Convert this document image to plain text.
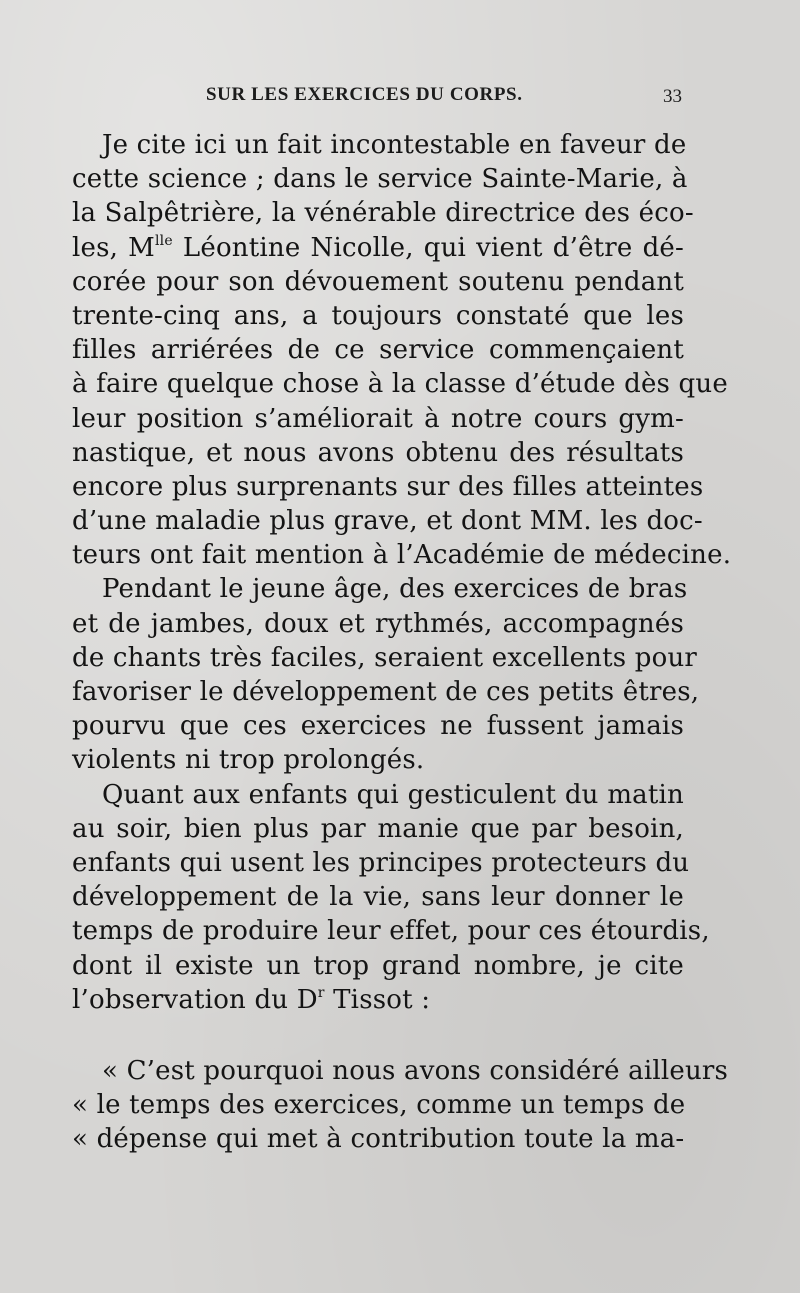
SUR LES EXERCICES DU CORPS.	33
Je cite ici un fait incontestable en faveur de
cette science ; dans le service Sainte-Marie, à
la Salpêtrière, la vénérable directrice des éco-
les, $M^{lle}$ Léontine Nicolle, qui vient d’être dé-
corée pour son dévouement soutenu pendant
trente-cinq ans, a toujours constaté que les
filles arriérées de ce service commençaient
à faire quelque chose à la classe d’étude dès que
leur position s’améliorait à notre cours gym-
nastique, et nous avons obtenu des résultats
encore plus surprenants sur des filles atteintes
d’une maladie plus grave, et dont MM. les doc-
teurs ont fait mention à l’Académie de médecine.
Pendant le jeune âge, des exercices de bras
et de jambes, doux et rythmés, accompagnés
de chants très faciles, seraient excellents pour
favoriser le développement de ces petits êtres,
pourvu que ces exercices ne fussent jamais
violents ni trop prolongés.
Quant aux enfants qui gesticulent du matin
au soir, bien plus par manie que par besoin,
enfants qui usent les principes protecteurs du
développement de la vie, sans leur donner le
temps de produire leur effet, pour ces étourdis,
dont il existe un trop grand nombre, je cite
l’observation du $D^r$ Tissot :
« C’est pourquoi nous avons considéré ailleurs
« le temps des exercices, comme un temps de
« dépense qui met à contribution toute la ma-
